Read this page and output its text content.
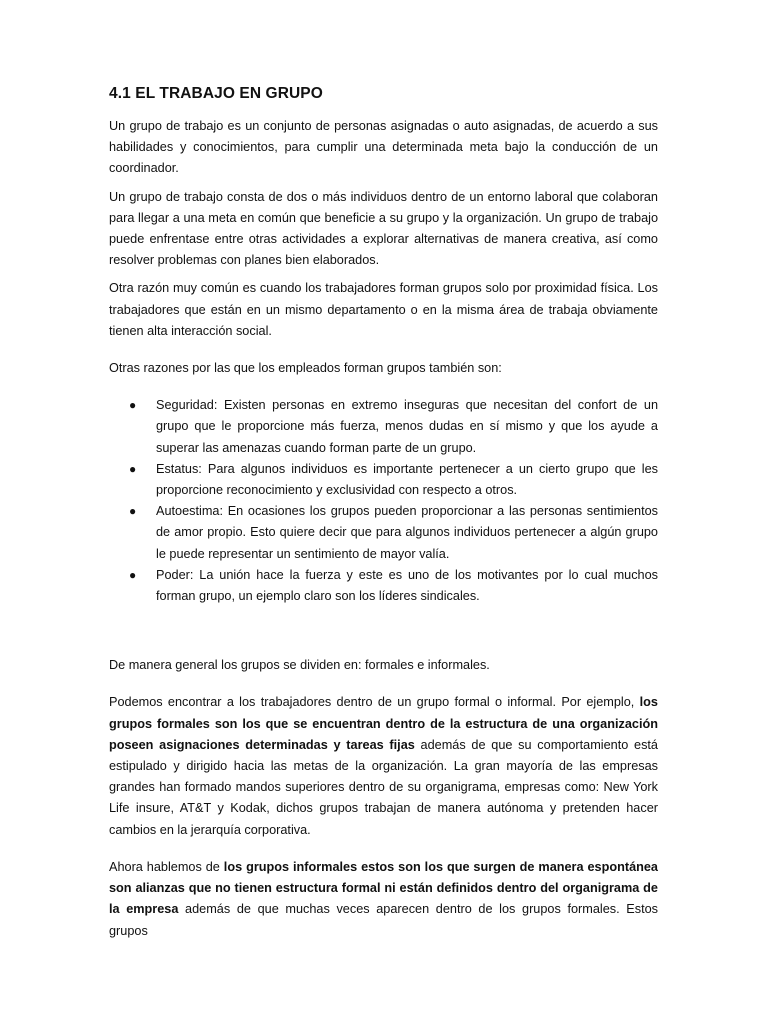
4.1 EL TRABAJO EN GRUPO

Un grupo de trabajo es un conjunto de personas asignadas o auto asignadas, de acuerdo a sus habilidades y conocimientos, para cumplir una determinada meta bajo la conducción de un coordinador.

Un grupo de trabajo consta de dos o más individuos dentro de un entorno laboral que colaboran para llegar a una meta en común que beneficie a su grupo y la organización. Un grupo de trabajo puede enfrentase entre otras actividades a explorar alternativas de manera creativa, así como resolver problemas con planes bien elaborados.

Otra razón muy común es cuando los trabajadores forman grupos solo por proximidad física. Los trabajadores que están en un mismo departamento o en la misma área de trabaja obviamente tienen alta interacción social.

Otras razones por las que los empleados forman grupos también son:

● Seguridad: Existen personas en extremo inseguras que necesitan del confort de un grupo que le proporcione más fuerza, menos dudas en sí mismo y que los ayude a superar las amenazas cuando forman parte de un grupo.
● Estatus: Para algunos individuos es importante pertenecer a un cierto grupo que les proporcione reconocimiento y exclusividad con respecto a otros.
● Autoestima: En ocasiones los grupos pueden proporcionar a las personas sentimientos de amor propio. Esto quiere decir que para algunos individuos pertenecer a algún grupo le puede representar un sentimiento de mayor valía.
● Poder: La unión hace la fuerza y este es uno de los motivantes por lo cual muchos forman grupo, un ejemplo claro son los líderes sindicales.

De manera general los grupos se dividen en: formales e informales.

Podemos encontrar a los trabajadores dentro de un grupo formal o informal. Por ejemplo, los grupos formales son los que se encuentran dentro de la estructura de una organización poseen asignaciones determinadas y tareas fijas además de que su comportamiento está estipulado y dirigido hacia las metas de la organización. La gran mayoría de las empresas grandes han formado mandos superiores dentro de su organigrama, empresas como: New York Life insure, AT&T y Kodak, dichos grupos trabajan de manera autónoma y pretenden hacer cambios en la jerarquía corporativa.

Ahora hablemos de los grupos informales estos son los que surgen de manera espontánea son alianzas que no tienen estructura formal ni están definidos dentro del organigrama de la empresa además de que muchas veces aparecen dentro de los grupos formales. Estos grupos
